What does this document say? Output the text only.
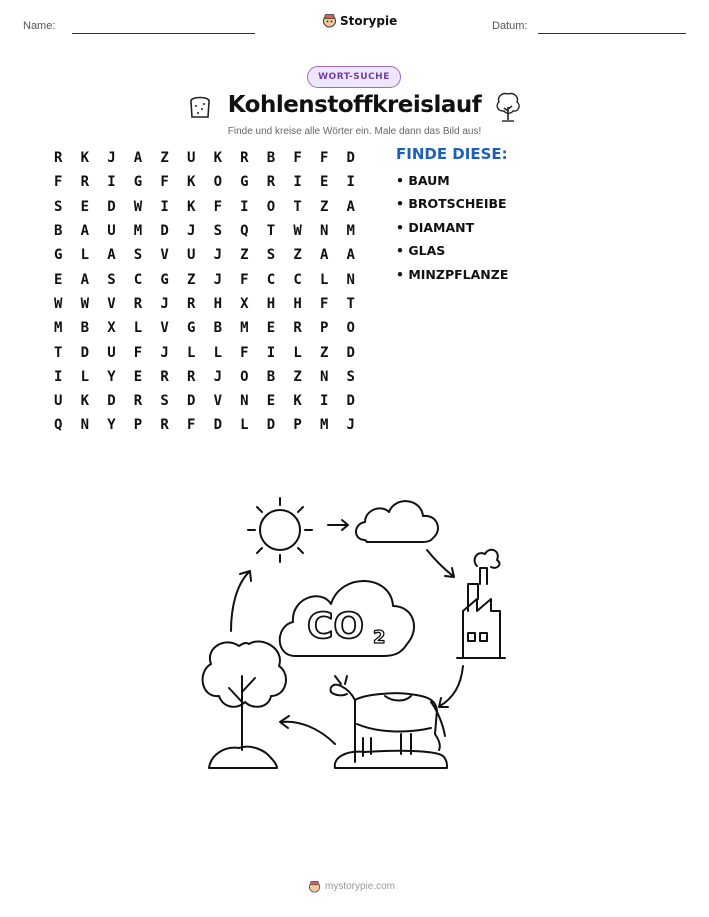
Name:	Storypie	Datum:
WORT-SUCHE
Kohlenstoffkreislauf
Finde und kreise alle Wörter ein. Male dann das Bild aus!
R	K	J	A	Z	U	K	R	B	F	F	D
F	R	I	G	F	K	O	G	R	I	E	I
S	E	D	W	I	K	F	I	O	T	Z	A
B	A	U	M	D	J	S	Q	T	W	N	M
G	L	A	S	V	U	J	Z	S	Z	A	A
E	A	S	C	G	Z	J	F	C	C	L	N
W	W	V	R	J	R	H	X	H	H	F	T
M	B	X	L	V	G	B	M	E	R	P	O
T	D	U	F	J	L	L	F	I	L	Z	D
I	L	Y	E	R	R	J	O	B	Z	N	S
U	K	D	R	S	D	V	N	E	K	I	D
Q	N	Y	P	R	F	D	L	D	P	M	J
FINDE DIESE:
• BAUM
• BROTSCHEIBE
• DIAMANT
• GLAS
• MINZPFLANZE
CO 2
mystorypie.com
